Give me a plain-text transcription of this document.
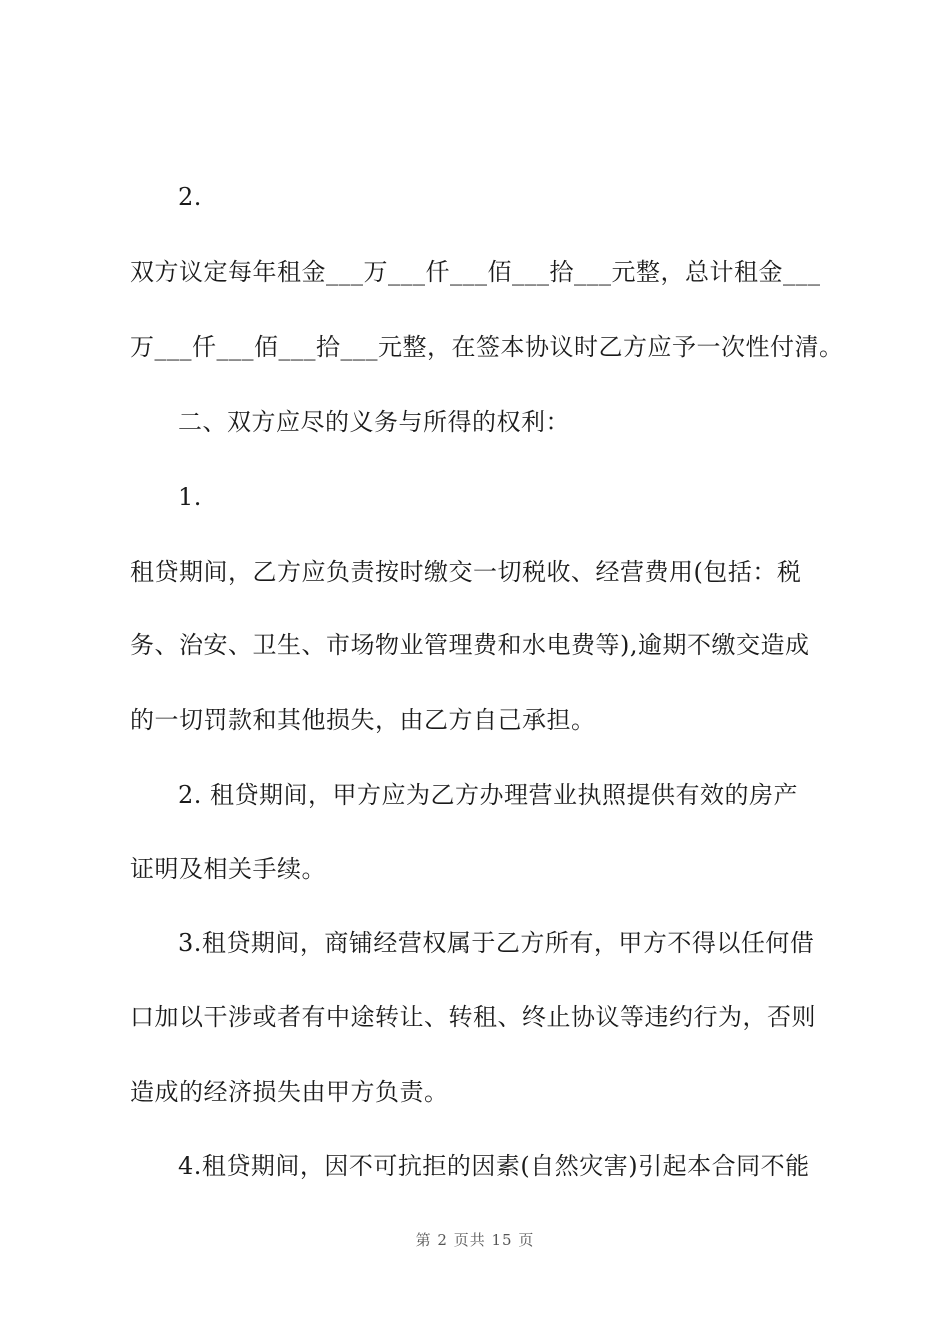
2.
双方议定每年租金___万___仟___佰___拾___元整，总计租金___
万___仟___佰___拾___元整，在签本协议时乙方应予一次性付清。
二、双方应尽的义务与所得的权利：
1.
租贷期间，乙方应负责按时缴交一切税收、经营费用(包括：税
务、治安、卫生、市场物业管理费和水电费等),逾期不缴交造成
的一切罚款和其他损失，由乙方自己承担。
2. 租贷期间，甲方应为乙方办理营业执照提供有效的房产
证明及相关手续。
3.租贷期间，商铺经营权属于乙方所有，甲方不得以任何借
口加以干涉或者有中途转让、转租、终止协议等违约行为，否则
造成的经济损失由甲方负责。
4.租贷期间，因不可抗拒的因素(自然灾害)引起本合同不能
第 2 页共 15 页
